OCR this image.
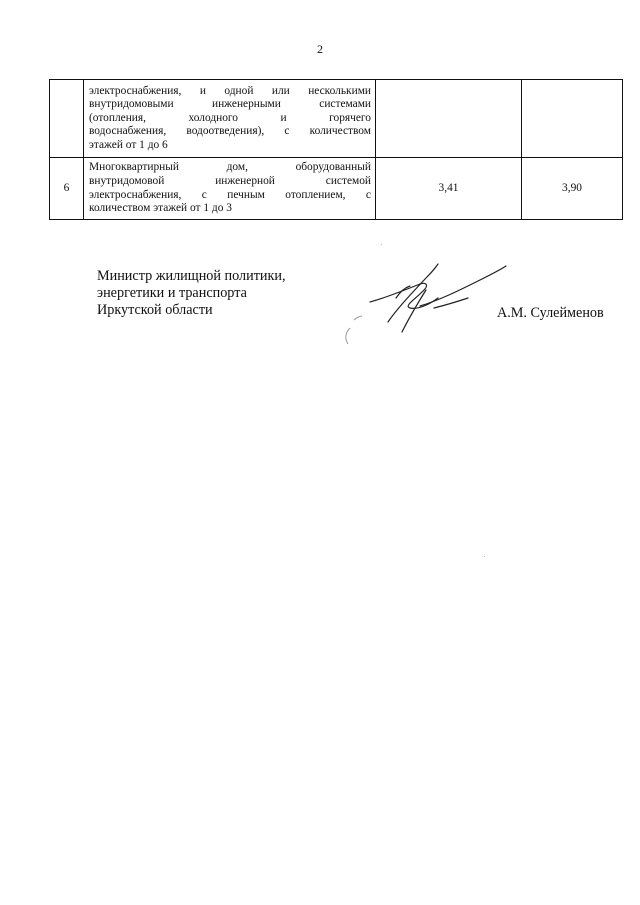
2

	электроснабжения, и одной или несколькими
внутридомовыми инженерными системами
(отопления, холодного и горячего
водоснабжения, водоотведения), с количеством
этажей от 1 до 6		

6	Многоквартирный дом, оборудованный
внутридомовой инженерной системой
электроснабжения, с печным отоплением, с
количеством этажей от 1 до 3	3,41	3,90
Министр жилищной политики,
энергетики и транспорта
Иркутской области	А.М. Сулейменов
